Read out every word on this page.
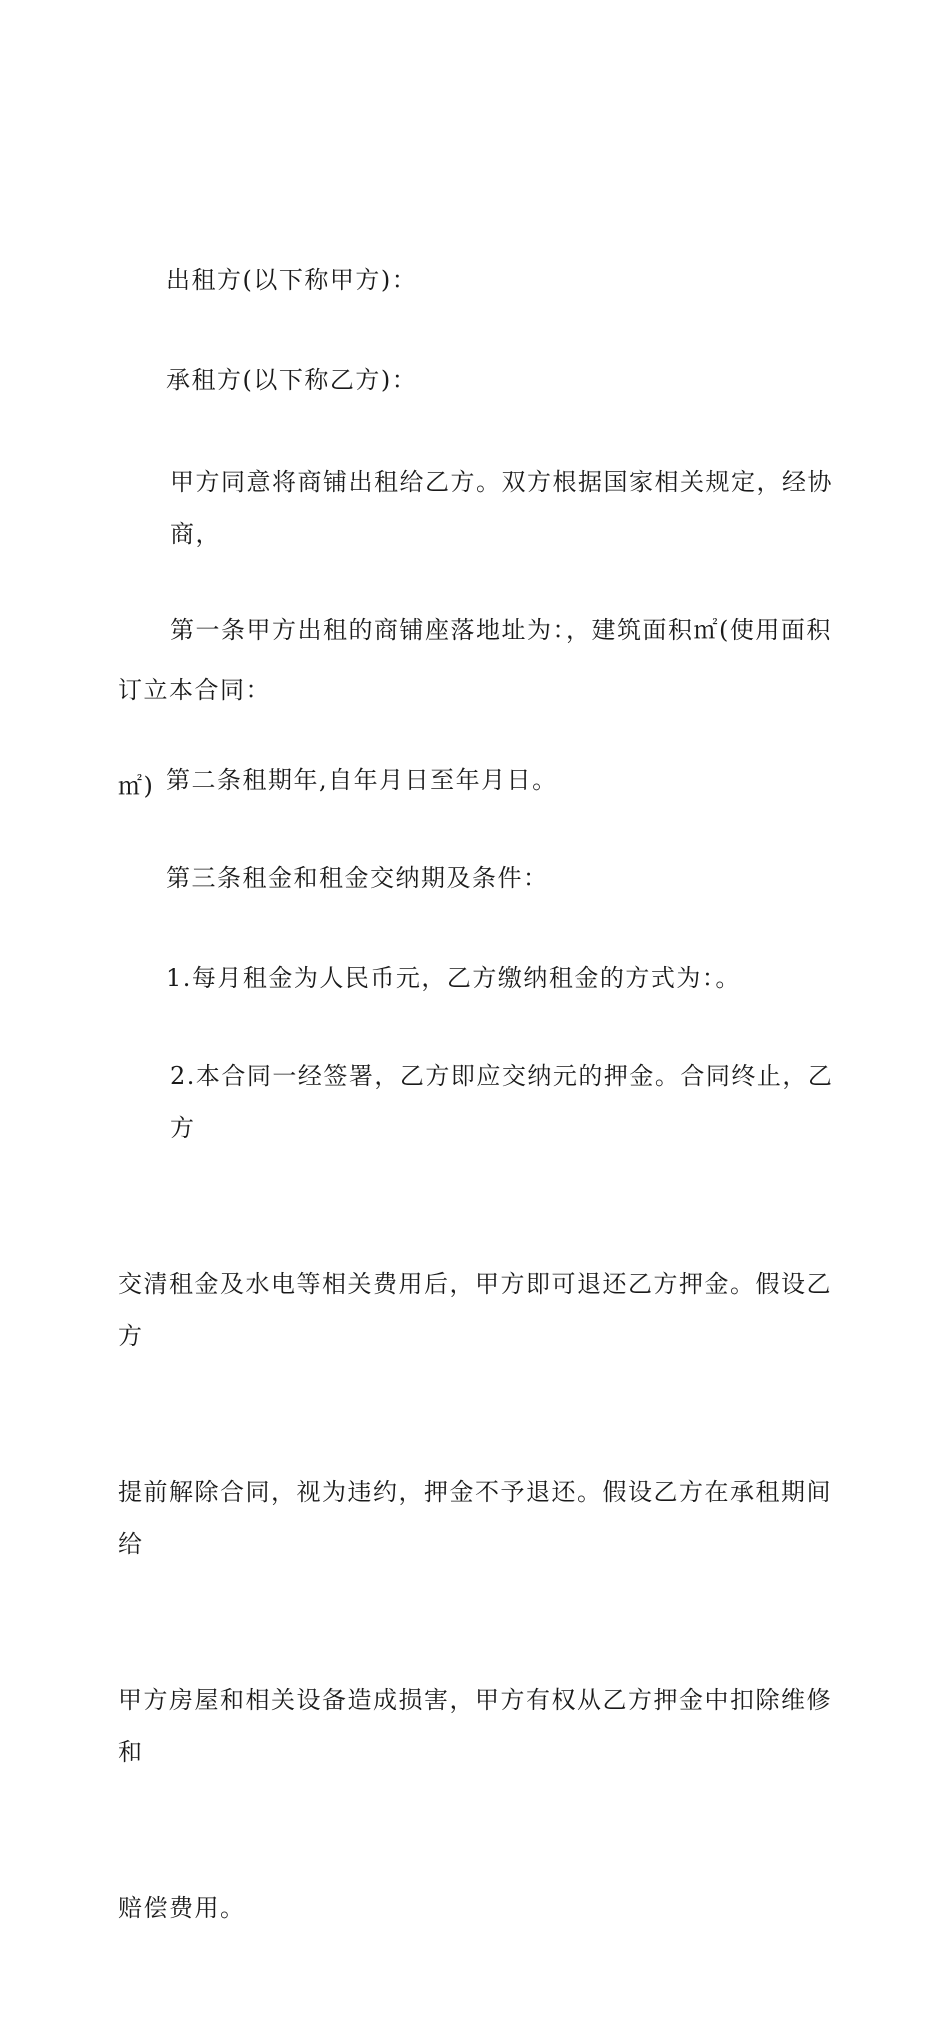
出租方(以下称甲方)：

承租方(以下称乙方)：

甲方同意将商铺出租给乙方。双方根据国家相关规定，经协商，

订立本合同：

第一条甲方出租的商铺座落地址为：，建筑面积㎡(使用面积

㎡)

第二条租期年,自年月日至年月日。

第三条租金和租金交纳期及条件：

1.每月租金为人民币元，乙方缴纳租金的方式为：。

2.本合同一经签署，乙方即应交纳元的押金。合同终止，乙方

交清租金及水电等相关费用后，甲方即可退还乙方押金。假设乙方

提前解除合同，视为违约，押金不予退还。假设乙方在承租期间给

甲方房屋和相关设备造成损害，甲方有权从乙方押金中扣除维修和

赔偿费用。
